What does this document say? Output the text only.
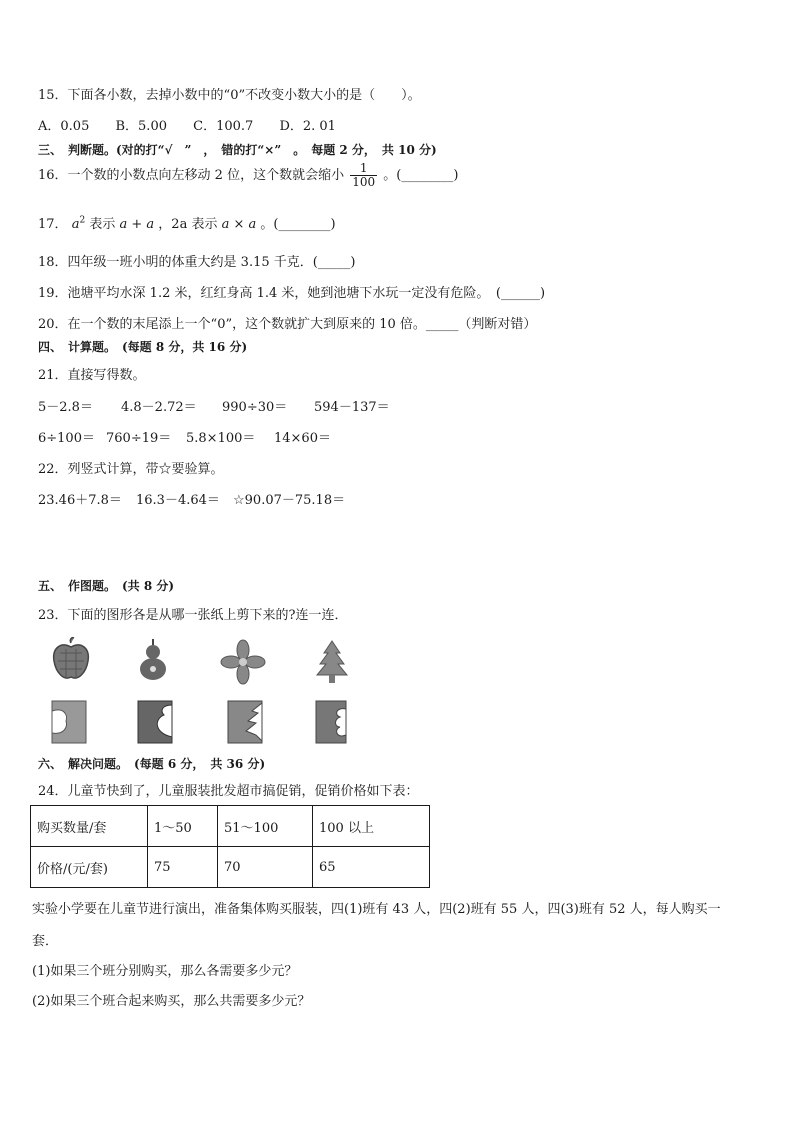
15．下面各小数，去掉小数中的“0”不改变小数大小的是（　　）。
A．0.05 B．5.00 C．100.7 D．2. 01
三、　判断题。(对的打“√　”　，　错的打“×”　。　每题 2 分，　共 10 分)
16．一个数的小数点向左移动 2 位，这个数就会缩小 $\frac{1}{100}$ 。(________)
17． $a^2$ 表示 a + a ，2a 表示 a × a 。(________)
18．四年级一班小明的体重大约是 3.15 千克．(_____)
19．池塘平均水深 1.2 米，红红身高 1.4 米，她到池塘下水玩一定没有危险。　(______)
20．在一个数的末尾添上一个“0”，这个数就扩大到原来的 10 倍。_____（判断对错）
四、　计算题。　(每题 8 分，共 16 分)
21．直接写得数。
5－2.8＝ 4.8－2.72＝ 990÷30＝ 594－137＝
6÷100＝ 760÷19＝ 5.8×100＝ 14×60＝
22．列竖式计算，带☆要验算。
23.46＋7.8＝ 16.3－4.64＝ ☆90.07－75.18＝
五、　作图题。　(共 8 分)
23．下面的图形各是从哪一张纸上剪下来的?连一连．
六、　解决问题。　(每题 6 分，　共 36 分)
24．儿童节快到了，儿童服装批发超市搞促销，促销价格如下表：
购买数量/套	1～50	51～100	100 以上
价格/(元/套)	75	70	65
实验小学要在儿童节进行演出，准备集体购买服装，四(1)班有 43 人，四(2)班有 55 人，四(3)班有 52 人，每人购买一
套．
(1)如果三个班分别购买，那么各需要多少元？
(2)如果三个班合起来购买，那么共需要多少元？
